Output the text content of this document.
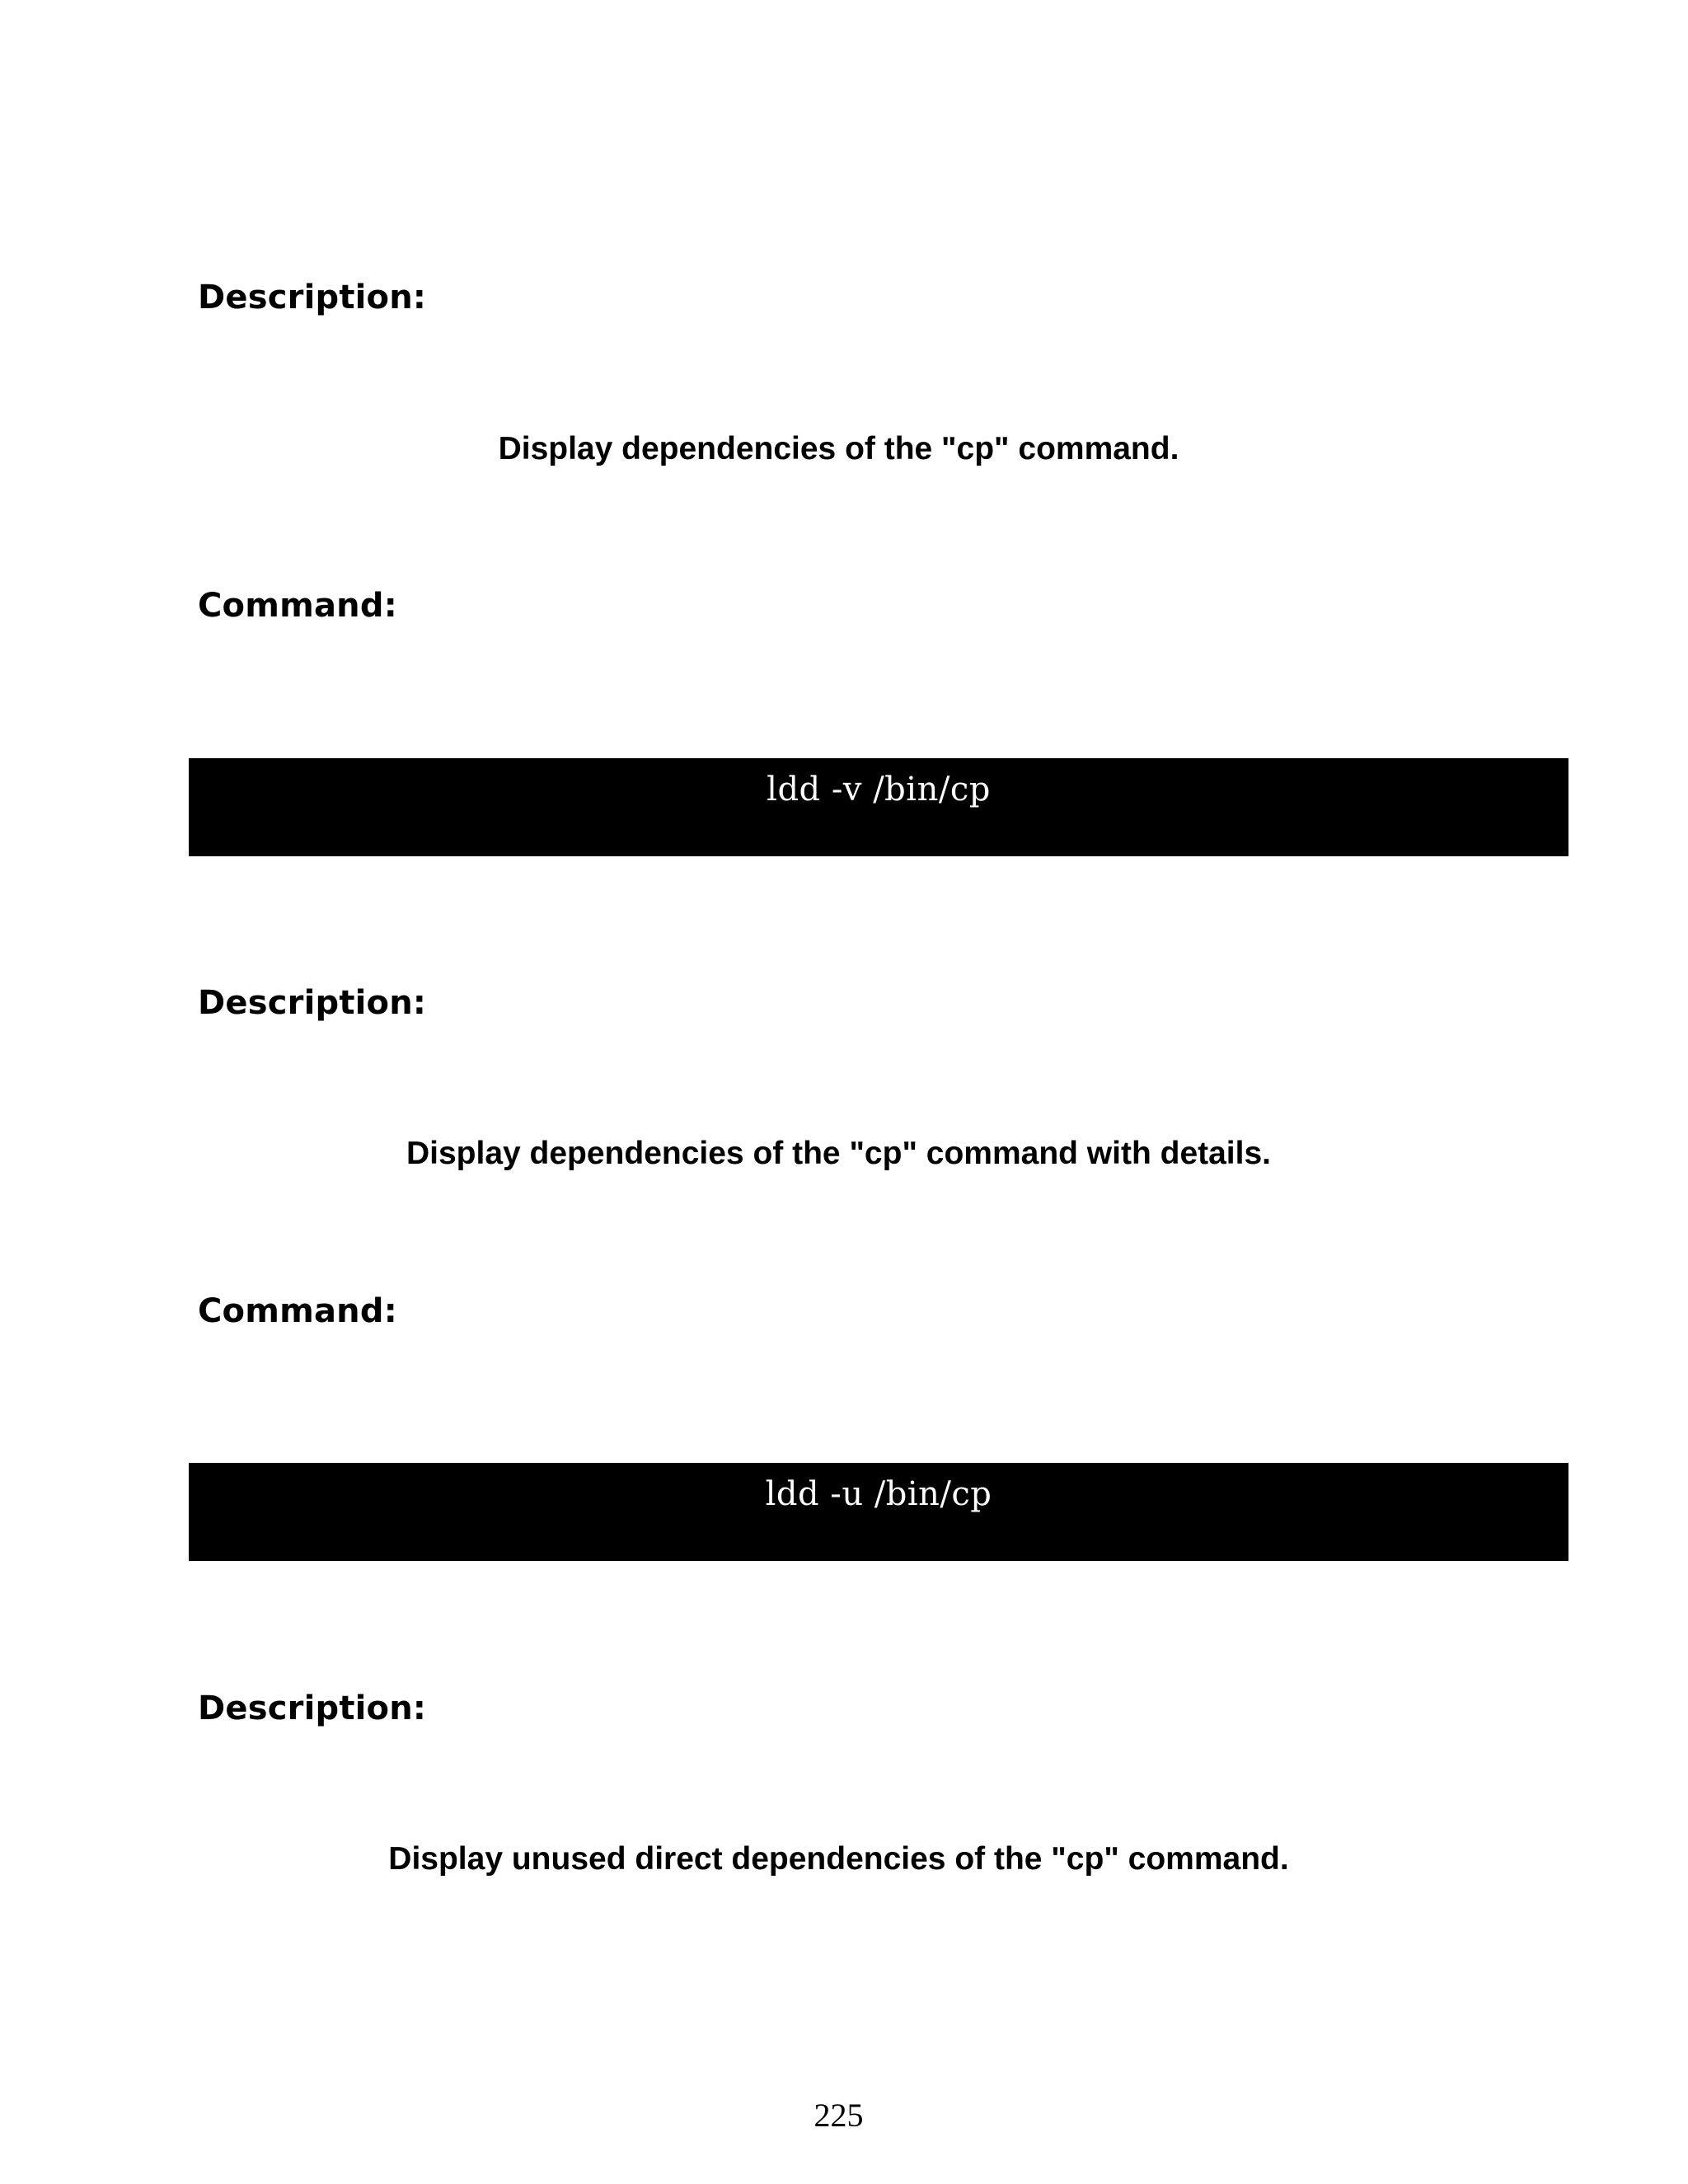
Description:
Display dependencies of the "cp" command.
Command:
ldd -v /bin/cp
Description:
Display dependencies of the "cp" command with details.
Command:
ldd -u /bin/cp
Description:
Display unused direct dependencies of the "cp" command.
225
